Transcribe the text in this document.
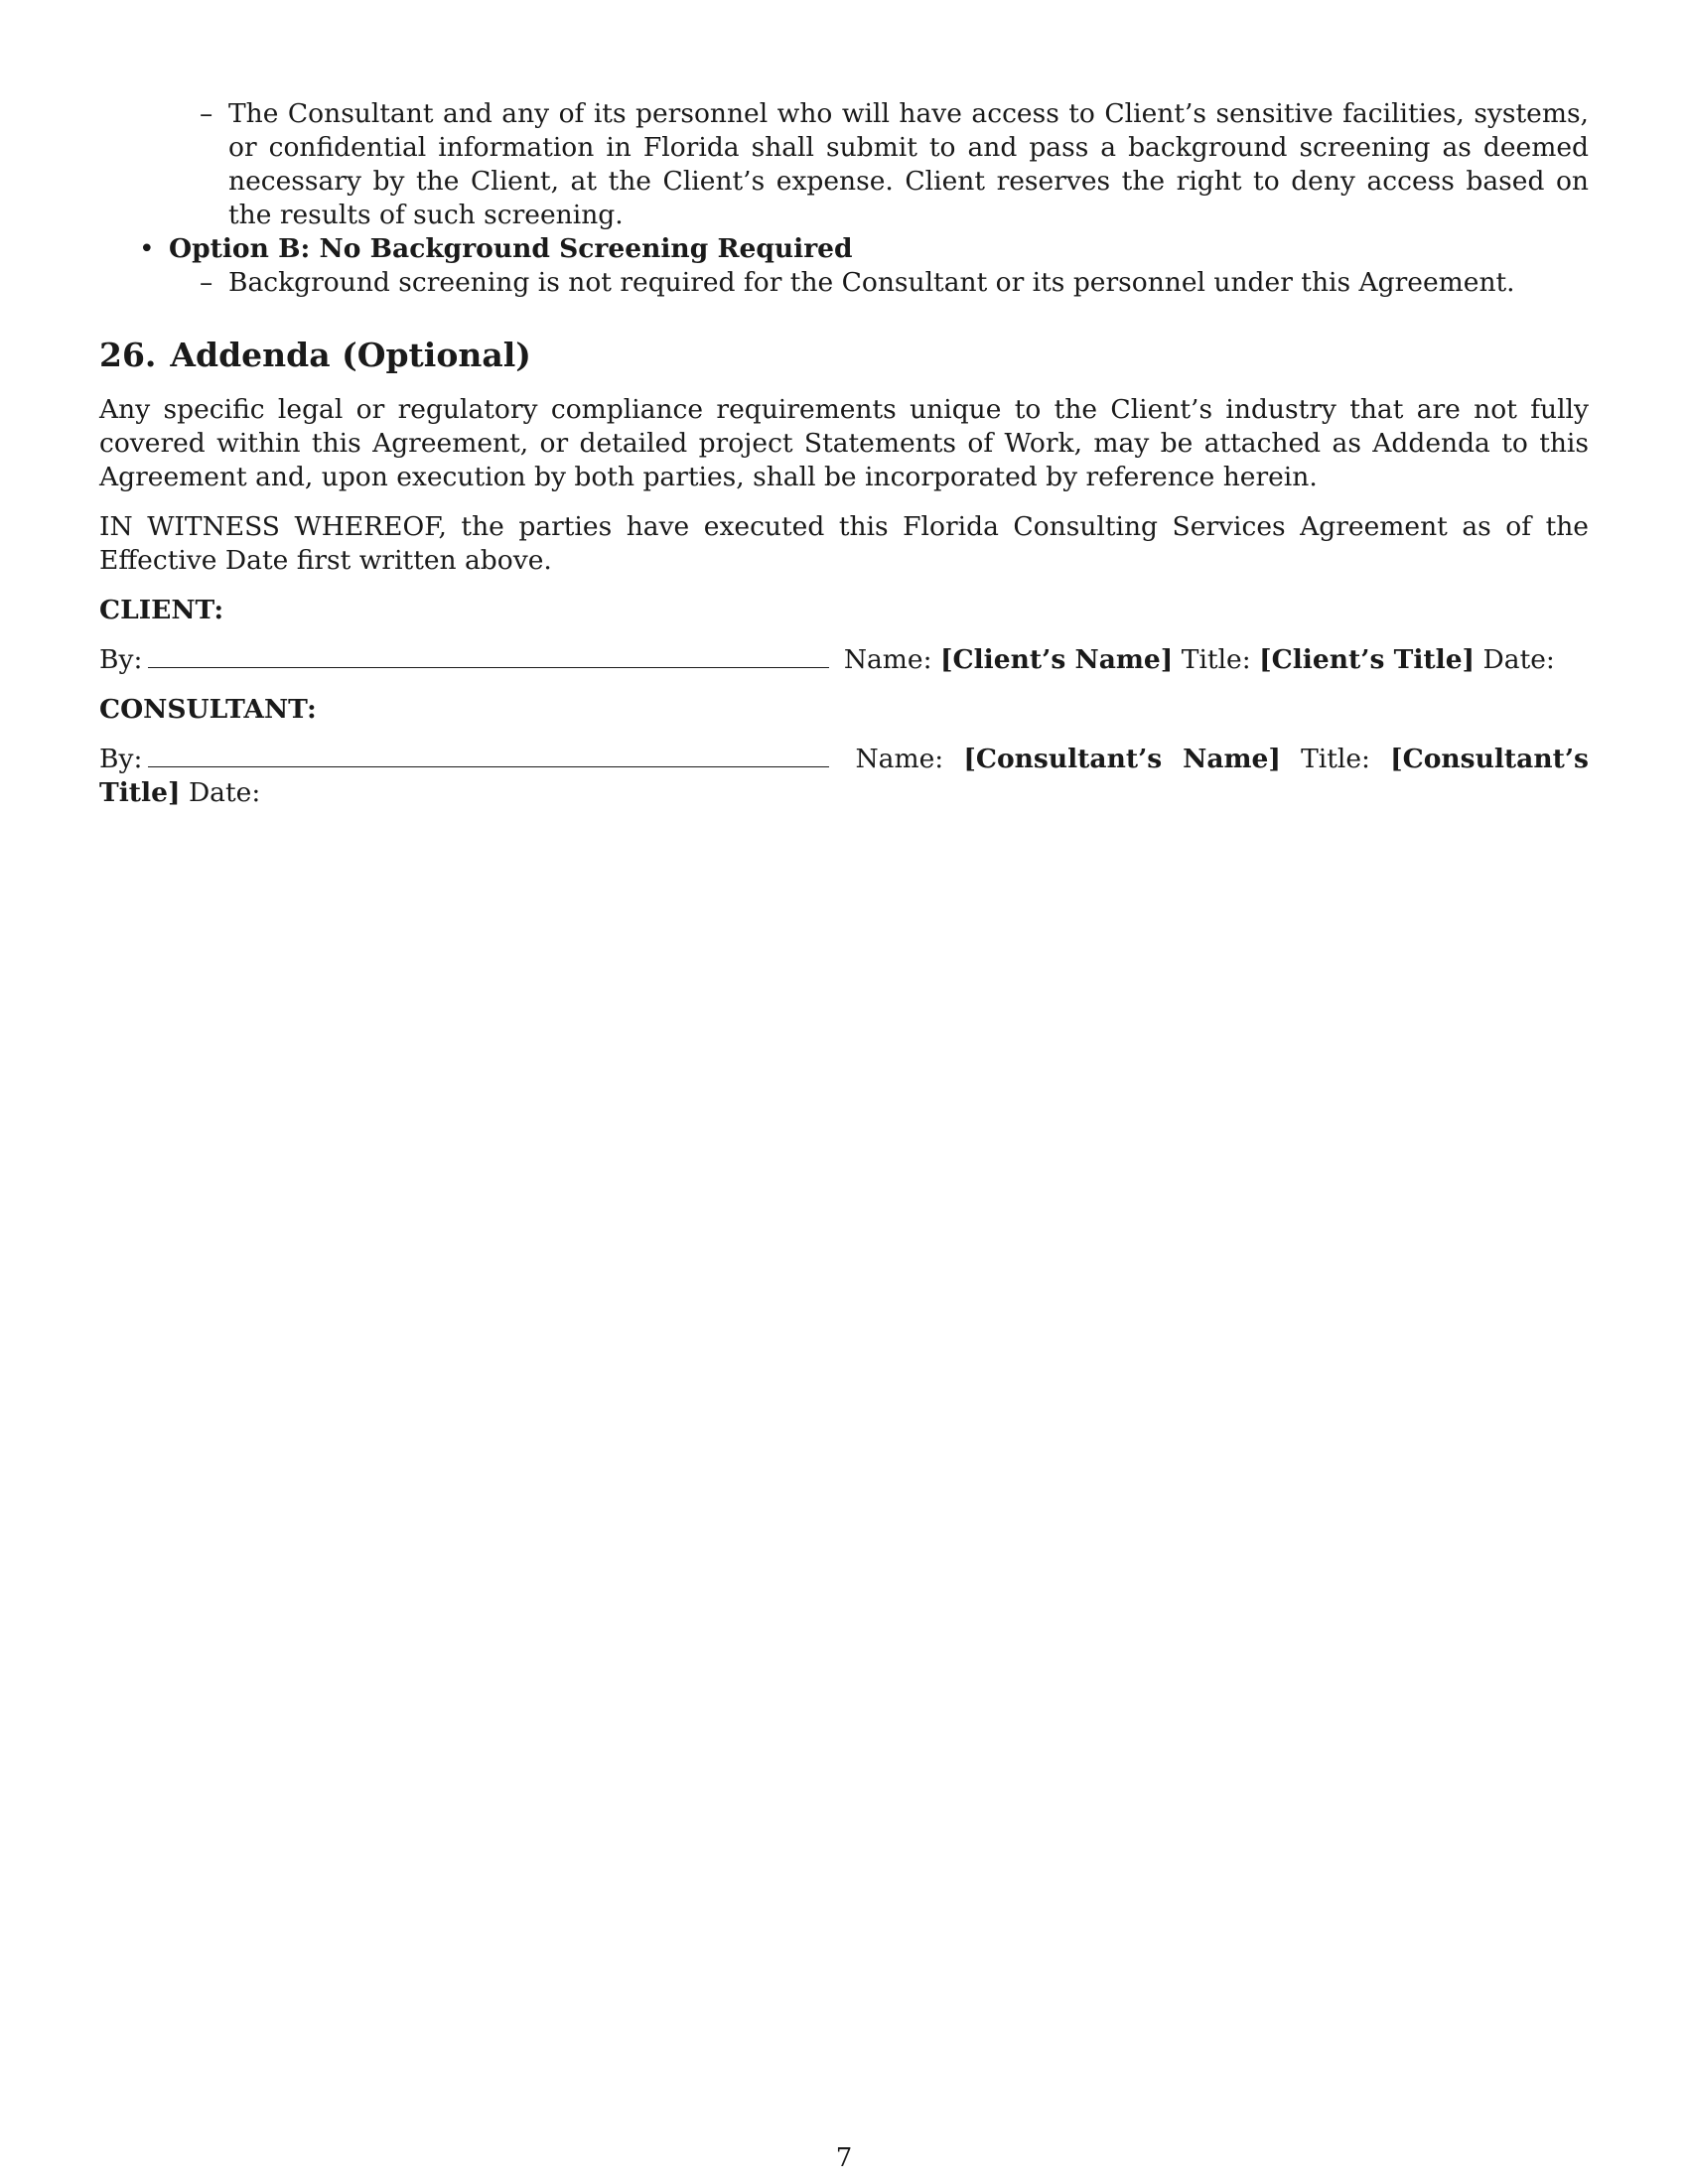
– The Consultant and any of its personnel who will have access to Client’s sensitive facilities, systems, or confidential information in Florida shall submit to and pass a background screening as deemed necessary by the Client, at the Client’s expense. Client reserves the right to deny access based on the results of such screening.
• Option B: No Background Screening Required
– Background screening is not required for the Consultant or its personnel under this Agreement.
26. Addenda (Optional)

Any specific legal or regulatory compliance requirements unique to the Client’s industry that are not fully covered within this Agreement, or detailed project Statements of Work, may be attached as Addenda to this Agreement and, upon execution by both parties, shall be incorporated by reference herein.

IN WITNESS WHEREOF, the parties have executed this Florida Consulting Services Agreement as of the Effective Date first written above.

CLIENT:
By:	Name: [Client’s Name] Title: [Client’s Title] Date:
CONSULTANT:
By:	Name: [Consultant’s Name] Title: [Consultant’s Title] Date:
7
